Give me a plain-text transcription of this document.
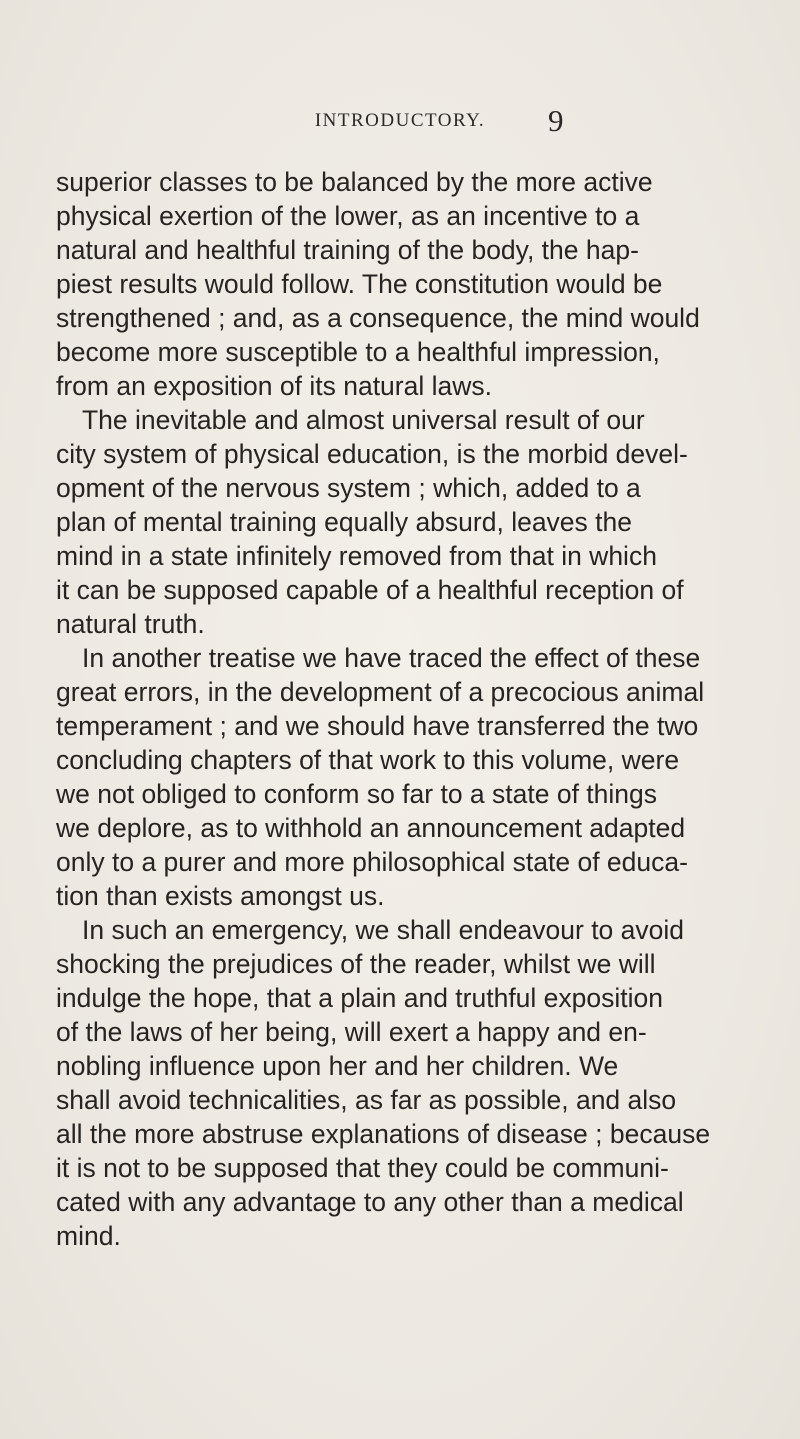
INTRODUCTORY.	9
superior classes to be balanced by the more active
physical exertion of the lower, as an incentive to a
natural and healthful training of the body, the hap-
piest results would follow. The constitution would be
strengthened ; and, as a consequence, the mind would
become more susceptible to a healthful impression,
from an exposition of its natural laws.
The inevitable and almost universal result of our
city system of physical education, is the morbid devel-
opment of the nervous system ; which, added to a
plan of mental training equally absurd, leaves the
mind in a state infinitely removed from that in which
it can be supposed capable of a healthful reception of
natural truth.
In another treatise we have traced the effect of these
great errors, in the development of a precocious animal
temperament ; and we should have transferred the two
concluding chapters of that work to this volume, were
we not obliged to conform so far to a state of things
we deplore, as to withhold an announcement adapted
only to a purer and more philosophical state of educa-
tion than exists amongst us.
In such an emergency, we shall endeavour to avoid
shocking the prejudices of the reader, whilst we will
indulge the hope, that a plain and truthful exposition
of the laws of her being, will exert a happy and en-
nobling influence upon her and her children. We
shall avoid technicalities, as far as possible, and also
all the more abstruse explanations of disease ; because
it is not to be supposed that they could be communi-
cated with any advantage to any other than a medical
mind.
